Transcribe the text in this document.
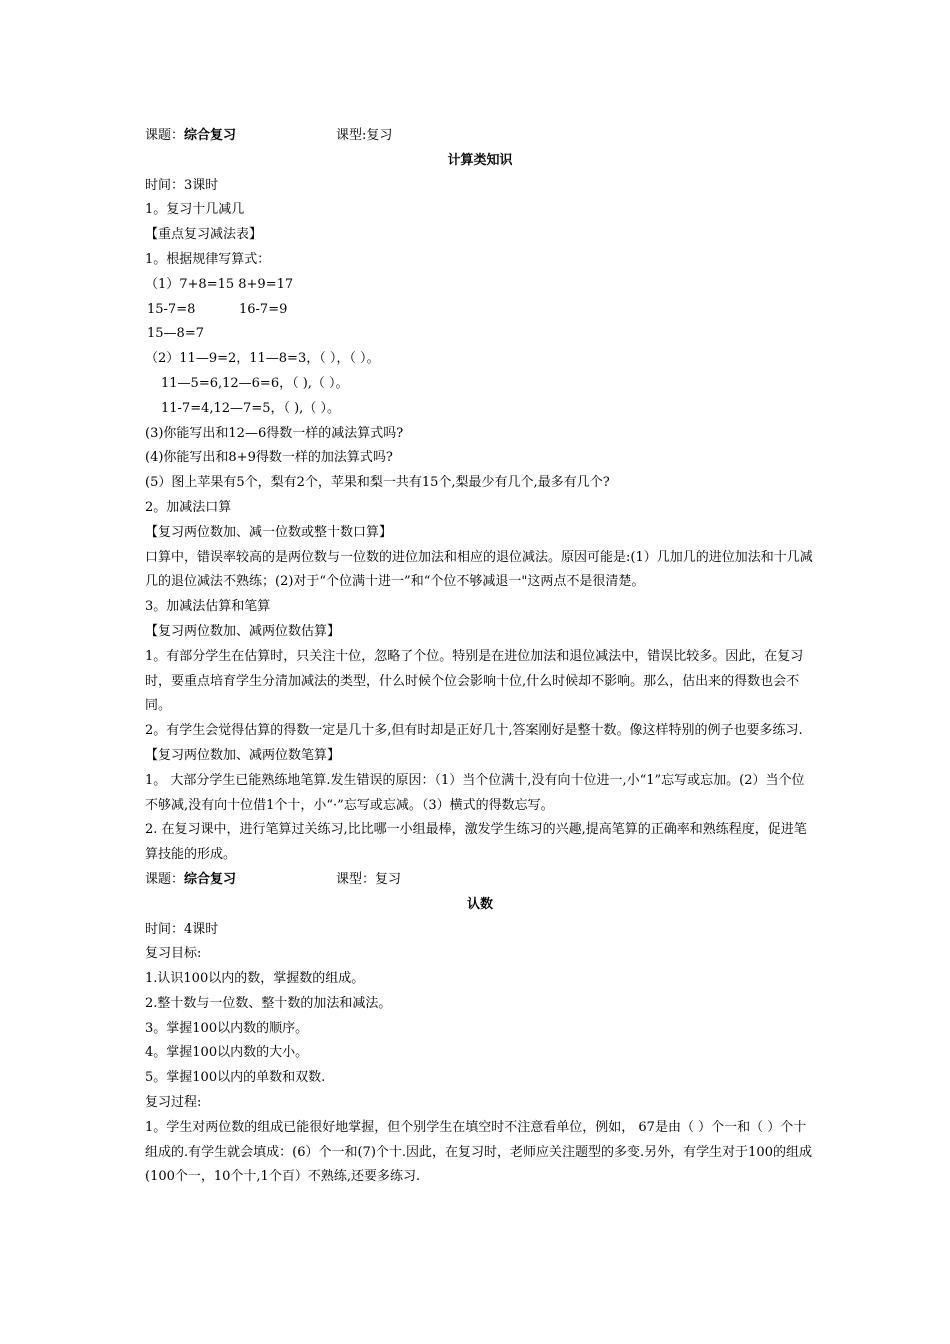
课题：综合复习	课型:复习
计算类知识
时间：3课时
1。复习十几减几
【重点复习减法表】
1。根据规律写算式：
（1）7+8=15 8+9=17
15-7=8	16-7=9
15—8=7
（2）11—9=2，11—8=3，（ ），（ ）。
11—5=6,12—6=6，（ ),（ ）。
11-7=4,12—7=5，（ ),（ ）。
(3)你能写出和12—6得数一样的减法算式吗?
(4)你能写出和8+9得数一样的加法算式吗?
(5）图上苹果有5个，梨有2个，苹果和梨一共有15个,梨最少有几个,最多有几个?
2。加减法口算
【复习两位数加、减一位数或整十数口算】
口算中，错误率较高的是两位数与一位数的进位加法和相应的退位减法。原因可能是:(1）几加几的进位加法和十几减几的退位减法不熟练；(2)对于“个位满十进一”和“个位不够减退一"这两点不是很清楚。
3。加减法估算和笔算
【复习两位数加、减两位数估算】
1。有部分学生在估算时，只关注十位，忽略了个位。特别是在进位加法和退位减法中，错误比较多。因此，在复习时，要重点培育学生分清加减法的类型，什么时候个位会影响十位,什么时候却不影响。那么，估出来的得数也会不同。
2。有学生会觉得估算的得数一定是几十多,但有时却是正好几十,答案刚好是整十数。像这样特别的例子也要多练习.
【复习两位数加、减两位数笔算】
1。 大部分学生已能熟练地笔算.发生错误的原因：（1）当个位满十,没有向十位进一,小“1”忘写或忘加。(2）当个位不够减,没有向十位借1个十，小“·”忘写或忘减。（3）横式的得数忘写。
2. 在复习课中，进行笔算过关练习,比比哪一小组最棒，激发学生练习的兴趣,提高笔算的正确率和熟练程度，促进笔算技能的形成。
课题：综合复习	课型：复习
认数
时间：4课时
复习目标:
1.认识100以内的数，掌握数的组成。
2.整十数与一位数、整十数的加法和减法。
3。掌握100以内数的顺序。
4。掌握100以内数的大小。
5。掌握100以内的单数和双数.
复习过程:
1。学生对两位数的组成已能很好地掌握，但个别学生在填空时不注意看单位，例如， 67是由（ ）个一和（ ）个十组成的.有学生就会填成：(6）个一和(7)个十.因此，在复习时，老师应关注题型的多变.另外，有学生对于100的组成(100个一，10个十,1个百）不熟练,还要多练习.
